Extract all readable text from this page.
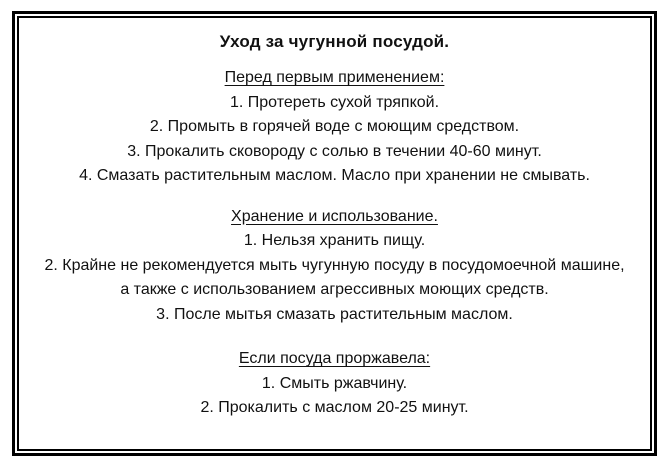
Уход за чугунной посудой.

Перед первым применением:

1. Протереть сухой тряпкой.

2. Промыть в горячей воде с моющим средством.

3. Прокалить сковороду с солью в течении 40-60 минут.

4. Смазать растительным маслом. Масло при хранении не смывать.

Хранение и использование.

1. Нельзя хранить пищу.

2. Крайне не рекомендуется мыть чугунную посуду в посудомоечной машине, а также с использованием агрессивных моющих средств.

3. После мытья смазать растительным маслом.

Если посуда проржавела:

1. Смыть ржавчину.

2. Прокалить с маслом 20-25 минут.
